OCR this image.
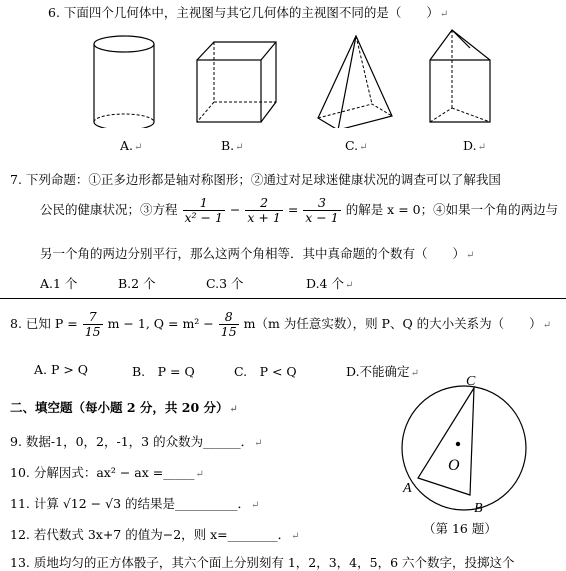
6. 下面四个几何体中，主视图与其它几何体的主视图不同的是（　　）↵
A.↵	B.↵	C.↵	D.↵
7. 下列命题：①正多边形都是轴对称图形；②通过对足球迷健康状况的调查可以了解我国
公民的健康状况；③方程 $\frac{1}{\text{x² − 1}} - \frac{2}{x + 1} = \frac{3}{x - 1}$ 的解是 x = 0；④如果一个角的两边与
另一个角的两边分别平行，那么这两个角相等．其中真命题的个数有（　　）↵
A.1 个	B.2 个	C.3 个	D.4 个↵
8. 已知 $P = \frac{7}{15}$ m − 1, $Q = m^2 - \frac{8}{15} m(m$ 为任意实数），则 P、Q 的大小关系为（　　）↵
A. P > Q	B.　P = Q	C.　P < Q	D.不能确定↵
二、填空题（每小题 2 分，共 20 分）↵
9. 数据-1，0，2，-1，3 的众数为______．↵
10. 分解因式：ax² − ax =_____↵
11. 计算 √12 − √3 的结果是__________．↵
12. 若代数式 3x+7 的值为−2，则 x=________．↵
13. 质地均匀的正方体骰子，其六个面上分别刻有 1，2，3，4，5，6 六个数字，投掷这个
C
A
B
O
（第 16 题）
